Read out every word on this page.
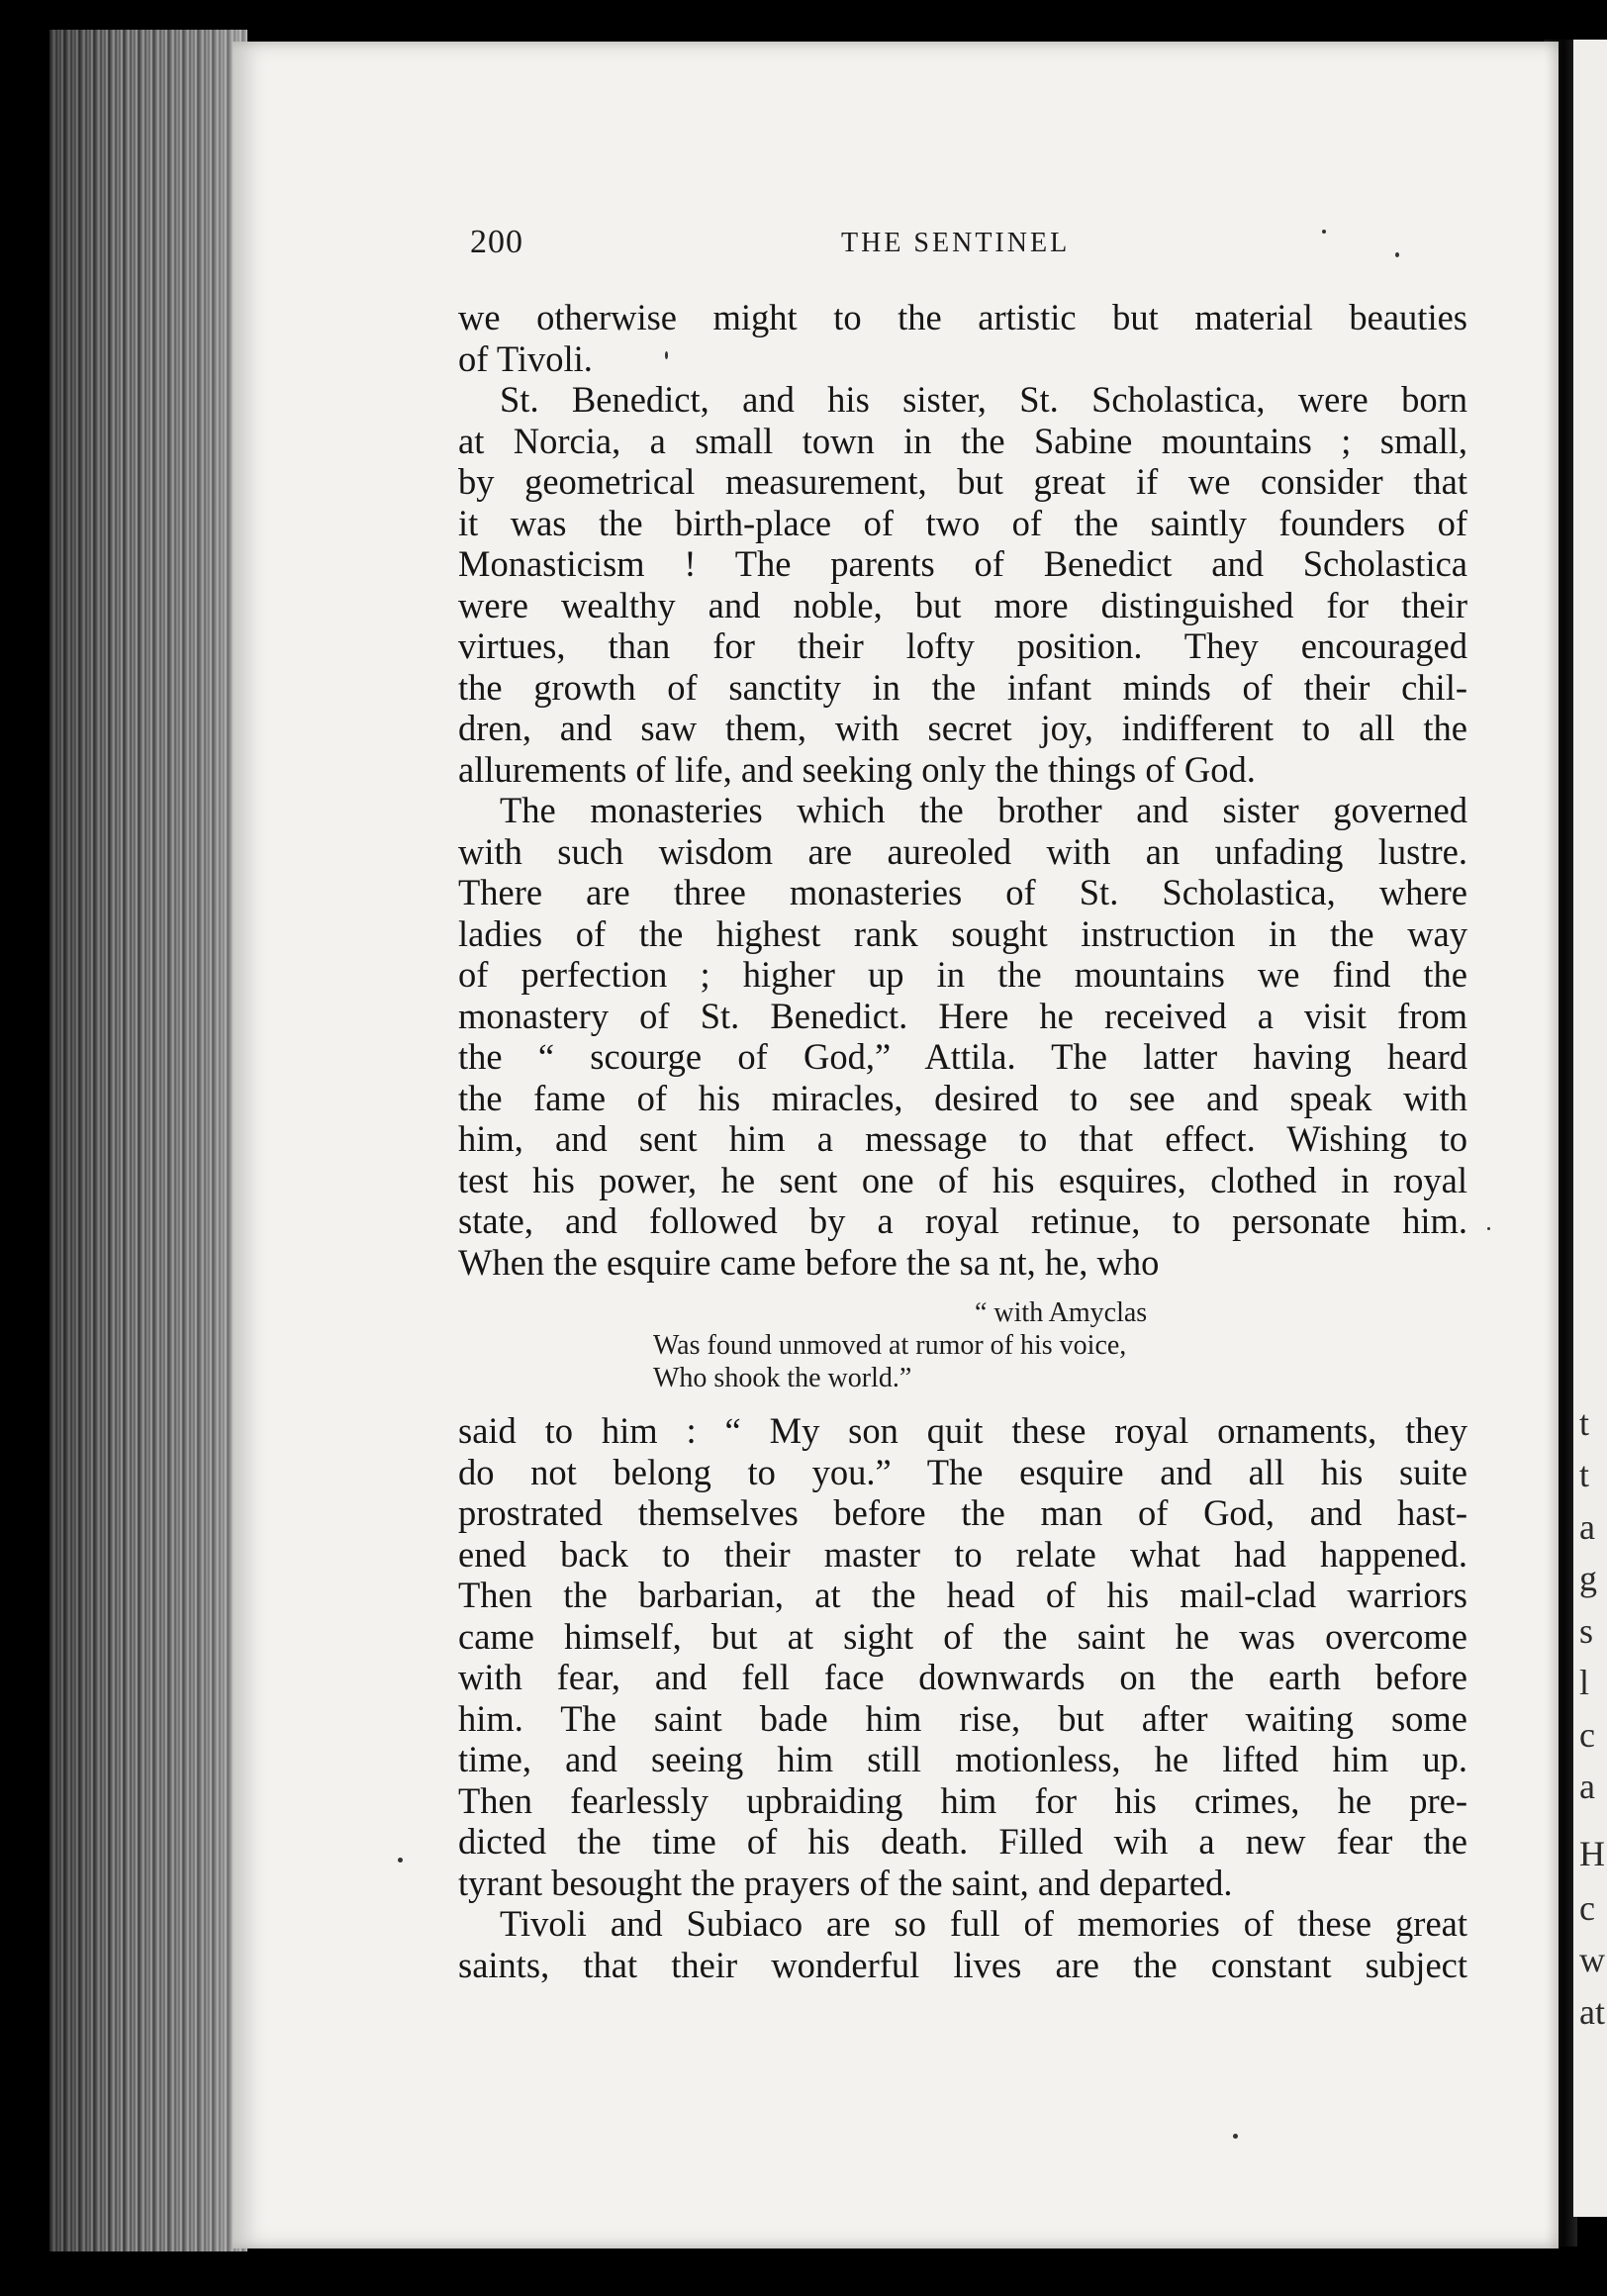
t
t
a
g
s
l
c
a
H
c
w
at
200	THE SENTINEL
we otherwise might to the artistic but material beauties
of Tivoli.
St. Benedict, and his sister, St. Scholastica, were born
at Norcia, a small town in the Sabine mountains ; small,
by geometrical measurement, but great if we consider that
it was the birth-place of two of the saintly founders of
Monasticism ! The parents of Benedict and Scholastica
were wealthy and noble, but more distinguished for their
virtues, than for their lofty position. They encouraged
the growth of sanctity in the infant minds of their chil-
dren, and saw them, with secret joy, indifferent to all the
allurements of life, and seeking only the things of God.
The monasteries which the brother and sister governed
with such wisdom are aureoled with an unfading lustre.
There are three monasteries of St. Scholastica, where
ladies of the highest rank sought instruction in the way
of perfection ; higher up in the mountains we find the
monastery of St. Benedict. Here he received a visit from
the “ scourge of God,” Attila. The latter having heard
the fame of his miracles, desired to see and speak with
him, and sent him a message to that effect. Wishing to
test his power, he sent one of his esquires, clothed in royal
state, and followed by a royal retinue, to personate him.
When the esquire came before the sa nt, he, who
“ with Amyclas
Was found unmoved at rumor of his voice,
Who shook the world.”
said to him : “ My son quit these royal ornaments, they
do not belong to you.” The esquire and all his suite
prostrated themselves before the man of God, and hast-
ened back to their master to relate what had happened.
Then the barbarian, at the head of his mail-clad warriors
came himself, but at sight of the saint he was overcome
with fear, and fell face downwards on the earth before
him. The saint bade him rise, but after waiting some
time, and seeing him still motionless, he lifted him up.
Then fearlessly upbraiding him for his crimes, he pre-
dicted the time of his death. Filled wih a new fear the
tyrant besought the prayers of the saint, and departed.
Tivoli and Subiaco are so full of memories of these great
saints, that their wonderful lives are the constant subject
